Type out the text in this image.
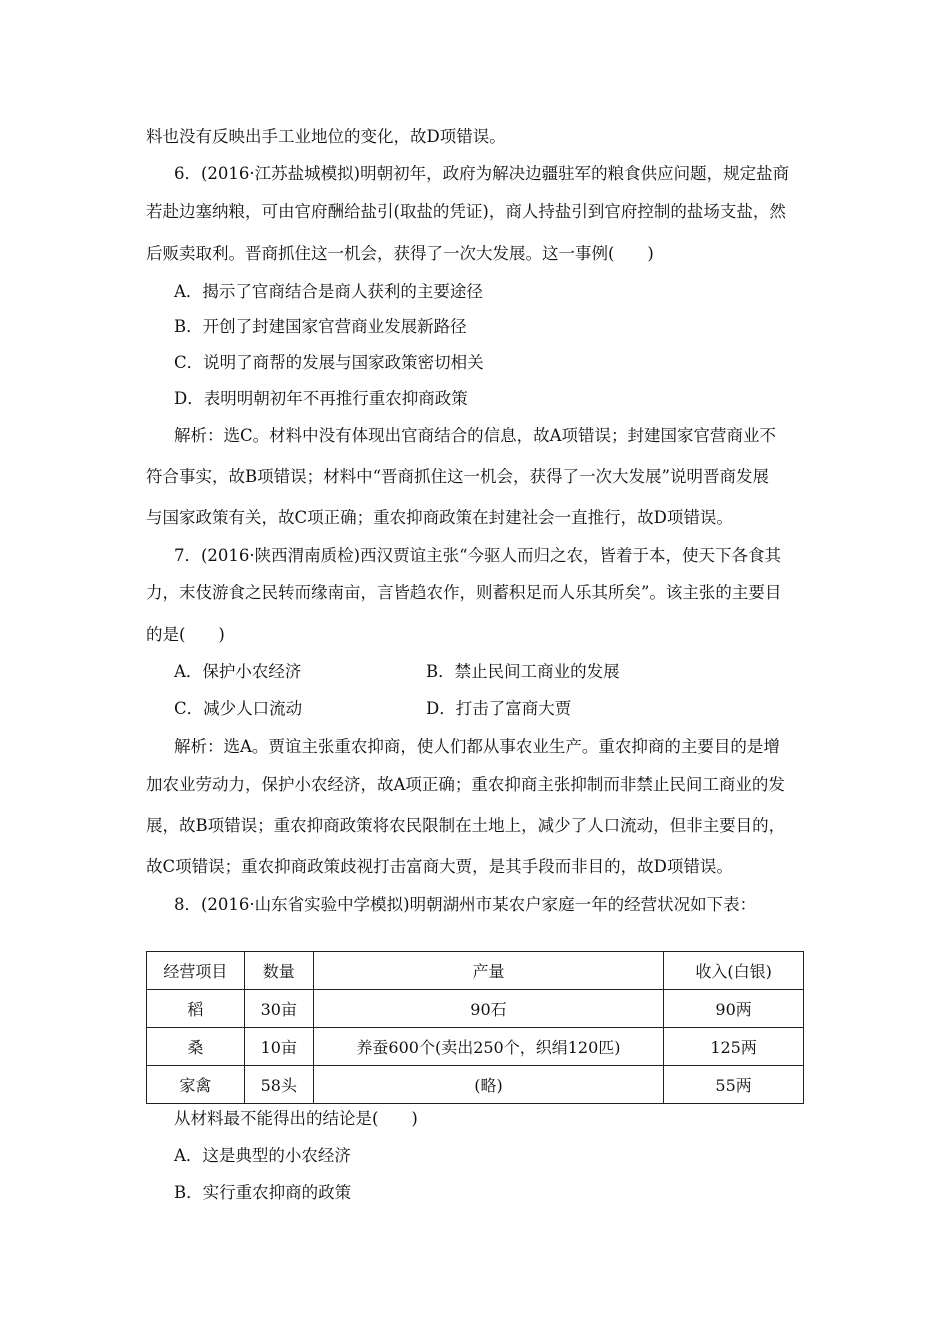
料也没有反映出手工业地位的变化，故D项错误。
6．(2016·江苏盐城模拟)明朝初年，政府为解决边疆驻军的粮食供应问题，规定盐商
若赴边塞纳粮，可由官府酬给盐引(取盐的凭证)，商人持盐引到官府控制的盐场支盐，然
后贩卖取利。晋商抓住这一机会，获得了一次大发展。这一事例(　　)
A．揭示了官商结合是商人获利的主要途径
B．开创了封建国家官营商业发展新路径
C．说明了商帮的发展与国家政策密切相关
D．表明明朝初年不再推行重农抑商政策
解析：选C。材料中没有体现出官商结合的信息，故A项错误；封建国家官营商业不
符合事实，故B项错误；材料中“晋商抓住这一机会，获得了一次大发展”说明晋商发展
与国家政策有关，故C项正确；重农抑商政策在封建社会一直推行，故D项错误。
7．(2016·陕西渭南质检)西汉贾谊主张“今驱人而归之农，皆着于本，使天下各食其
力，末伎游食之民转而缘南亩，言皆趋农作，则蓄积足而人乐其所矣”。该主张的主要目
的是(　　)
A．保护小农经济	B．禁止民间工商业的发展
C．减少人口流动	D．打击了富商大贾
解析：选A。贾谊主张重农抑商，使人们都从事农业生产。重农抑商的主要目的是增
加农业劳动力，保护小农经济，故A项正确；重农抑商主张抑制而非禁止民间工商业的发
展，故B项错误；重农抑商政策将农民限制在土地上，减少了人口流动，但非主要目的，
故C项错误；重农抑商政策歧视打击富商大贾，是其手段而非目的，故D项错误。
8．(2016·山东省实验中学模拟)明朝湖州市某农户家庭一年的经营状况如下表：
经营项目	数量	产量	收入(白银)
稻	30亩	90石	90两
桑	10亩	养蚕600个(卖出250个，织绢120匹)	125两
家禽	58头	(略)	55两
从材料最不能得出的结论是(　　)
A．这是典型的小农经济
B．实行重农抑商的政策
